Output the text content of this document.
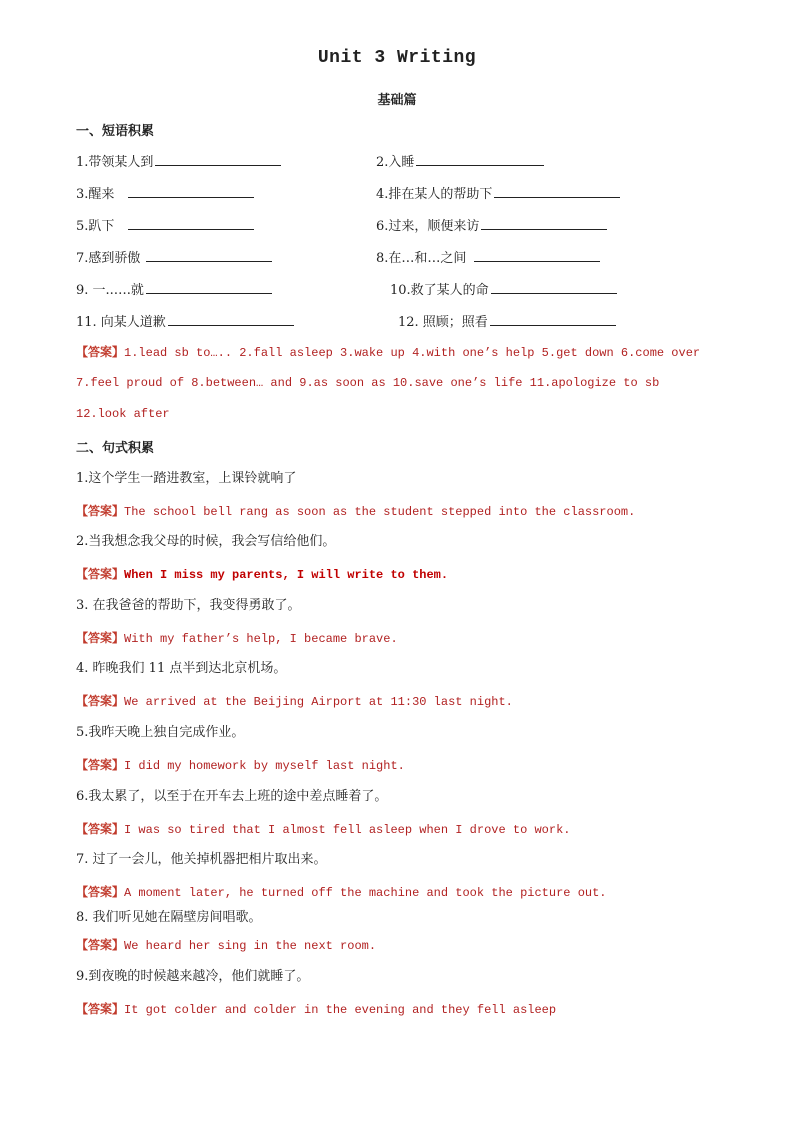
Unit 3 Writing
基础篇
一、短语积累
1.带领某人到	2.入睡
3.醒来	4.排在某人的帮助下
5.趴下	6.过来，顺便来访
7.感到骄傲	8.在…和…之间
9. 一..….就	10.救了某人的命
11. 向某人道歉	12. 照顾；照看
【答案】1.lead sb to….. 2.fall asleep 3.wake up 4.with one’s help 5.get down 6.come over
7.feel proud of 8.between… and 9.as soon as 10.save one’s life 11.apologize to sb
12.look after
二、句式积累
1.这个学生一踏进教室，上课铃就响了
【答案】The school bell rang as soon as the student stepped into the classroom.
2.当我想念我父母的时候，我会写信给他们。
【答案】When I miss my parents, I will write to them.
3. 在我爸爸的帮助下，我变得勇敢了。
【答案】With my father’s help, I became brave.
4. 昨晚我们 11 点半到达北京机场。
【答案】We arrived at the Beijing Airport at 11:30 last night.
5.我昨天晚上独自完成作业。
【答案】I did my homework by myself last night.
6.我太累了，以至于在开车去上班的途中差点睡着了。
【答案】I was so tired that I almost fell asleep when I drove to work.
7. 过了一会儿，他关掉机器把相片取出来。
【答案】A moment later, he turned off the machine and took the picture out.
8. 我们听见她在隔壁房间唱歌。
【答案】We heard her sing in the next room.
9.到夜晚的时候越来越冷，他们就睡了。
【答案】It got colder and colder in the evening and they fell asleep
